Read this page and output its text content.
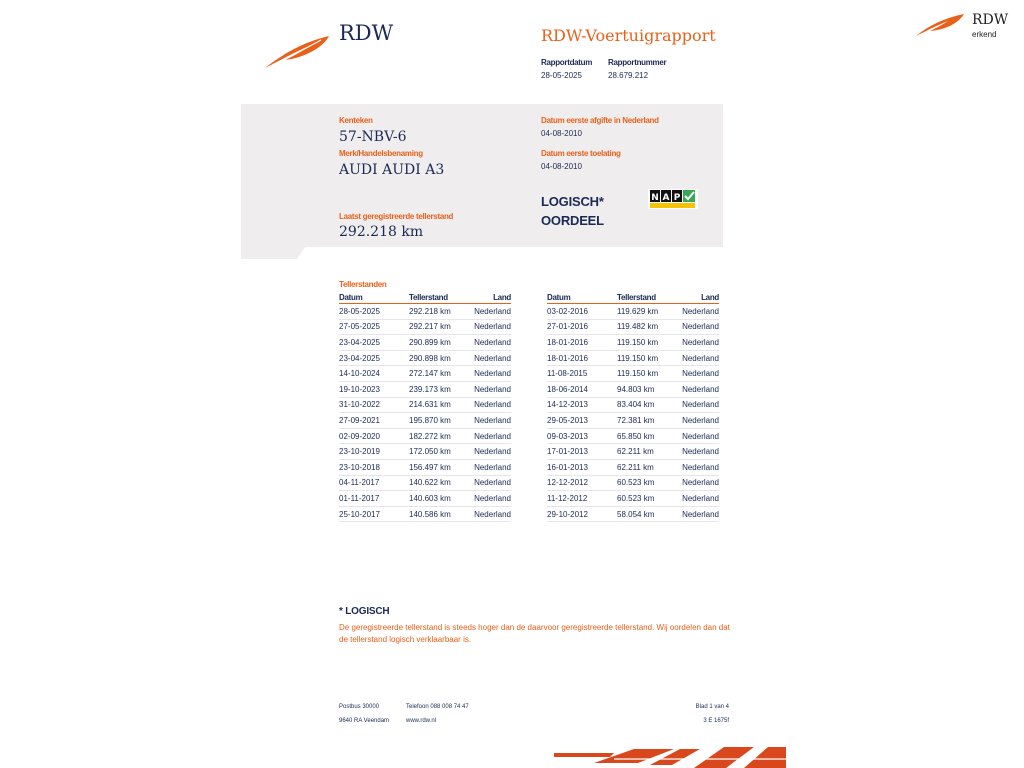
RDW	RDW-Voertuigrapport
Rapportdatum
28-05-2025
Rapportnummer
28.679.212
Kenteken
57-NBV-6
Merk/Handelsbenaming
AUDI AUDI A3
Laatst geregistreerde tellerstand
292.218 km
Datum eerste afgifte in Nederland
04-08-2010
Datum eerste toelating
04-08-2010
LOGISCH*
OORDEEL
N A P
Tellerstanden
Datum	Tellerstand	Land
28-05-2025	292.218 km	Nederland
27-05-2025	292.217 km	Nederland
23-04-2025	290.899 km	Nederland
23-04-2025	290.898 km	Nederland
14-10-2024	272.147 km	Nederland
19-10-2023	239.173 km	Nederland
31-10-2022	214.631 km	Nederland
27-09-2021	195.870 km	Nederland
02-09-2020	182.272 km	Nederland
23-10-2019	172.050 km	Nederland
23-10-2018	156.497 km	Nederland
04-11-2017	140.622 km	Nederland
01-11-2017	140.603 km	Nederland
25-10-2017	140.586 km	Nederland
Datum	Tellerstand	Land
03-02-2016	119.629 km	Nederland
27-01-2016	119.482 km	Nederland
18-01-2016	119.150 km	Nederland
18-01-2016	119.150 km	Nederland
11-08-2015	119.150 km	Nederland
18-06-2014	94.803 km	Nederland
14-12-2013	83.404 km	Nederland
29-05-2013	72.381 km	Nederland
09-03-2013	65.850 km	Nederland
17-01-2013	62.211 km	Nederland
16-01-2013	62.211 km	Nederland
12-12-2012	60.523 km	Nederland
11-12-2012	60.523 km	Nederland
29-10-2012	58.054 km	Nederland
* LOGISCH
De geregistreerde tellerstand is steeds hoger dan de daarvoor geregistreerde tellerstand. Wij oordelen dan dat de tellerstand logisch verklaarbaar is.
Postbus 30000
9640 RA Veendam
Telefoon 088 008 74 47
www.rdw.nl
Blad 1 van 4
3 E 1675f
RDW
erkend
